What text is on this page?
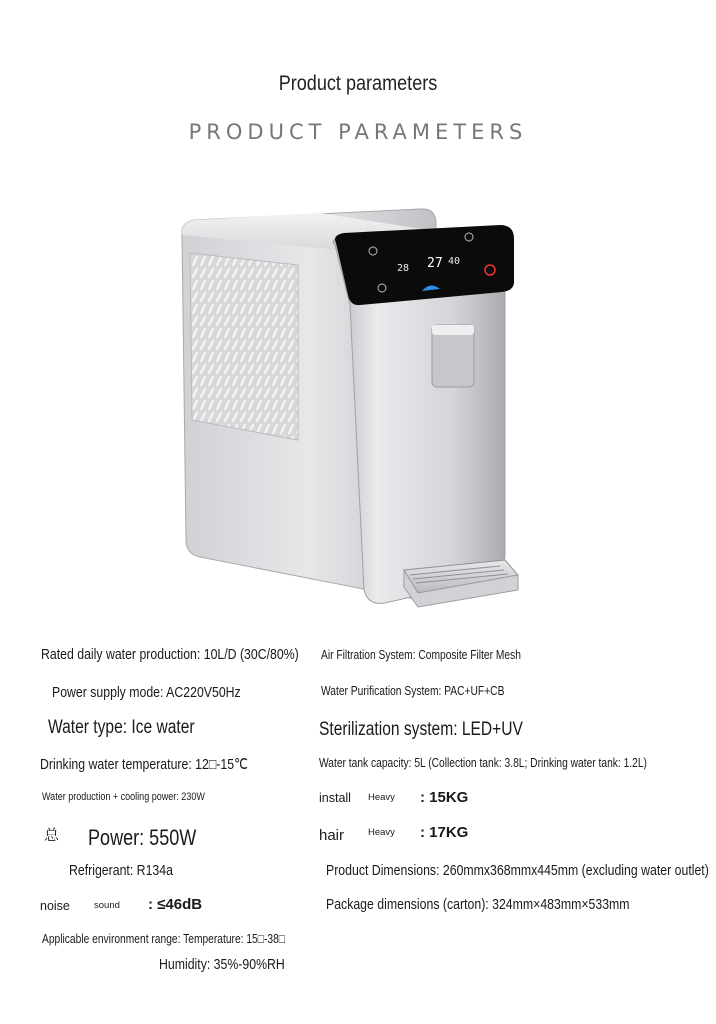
Product parameters
PRODUCT PARAMETERS
28 27 40
Rated daily water production: 10L/D (30C/80%)
Power supply mode: AC220V50Hz
Water type: Ice water
Drinking water temperature: 12□-15℃
Water production + cooling power: 230W
总 Power: 550W
Refrigerant: R134a
noise	sound : ≤46dB
Applicable environment range: Temperature: 15□-38□
Humidity: 35%-90%RH
Air Filtration System: Composite Filter Mesh
Water Purification System: PAC+UF+CB
Sterilization system: LED+UV
Water tank capacity: 5L (Collection tank: 3.8L; Drinking water tank: 1.2L)
install Heavy : 15KG
hair	Heavy : 17KG
Product Dimensions: 260mmx368mmx445mm (excluding water outlet)
Package dimensions (carton): 324mm×483mm×533mm
